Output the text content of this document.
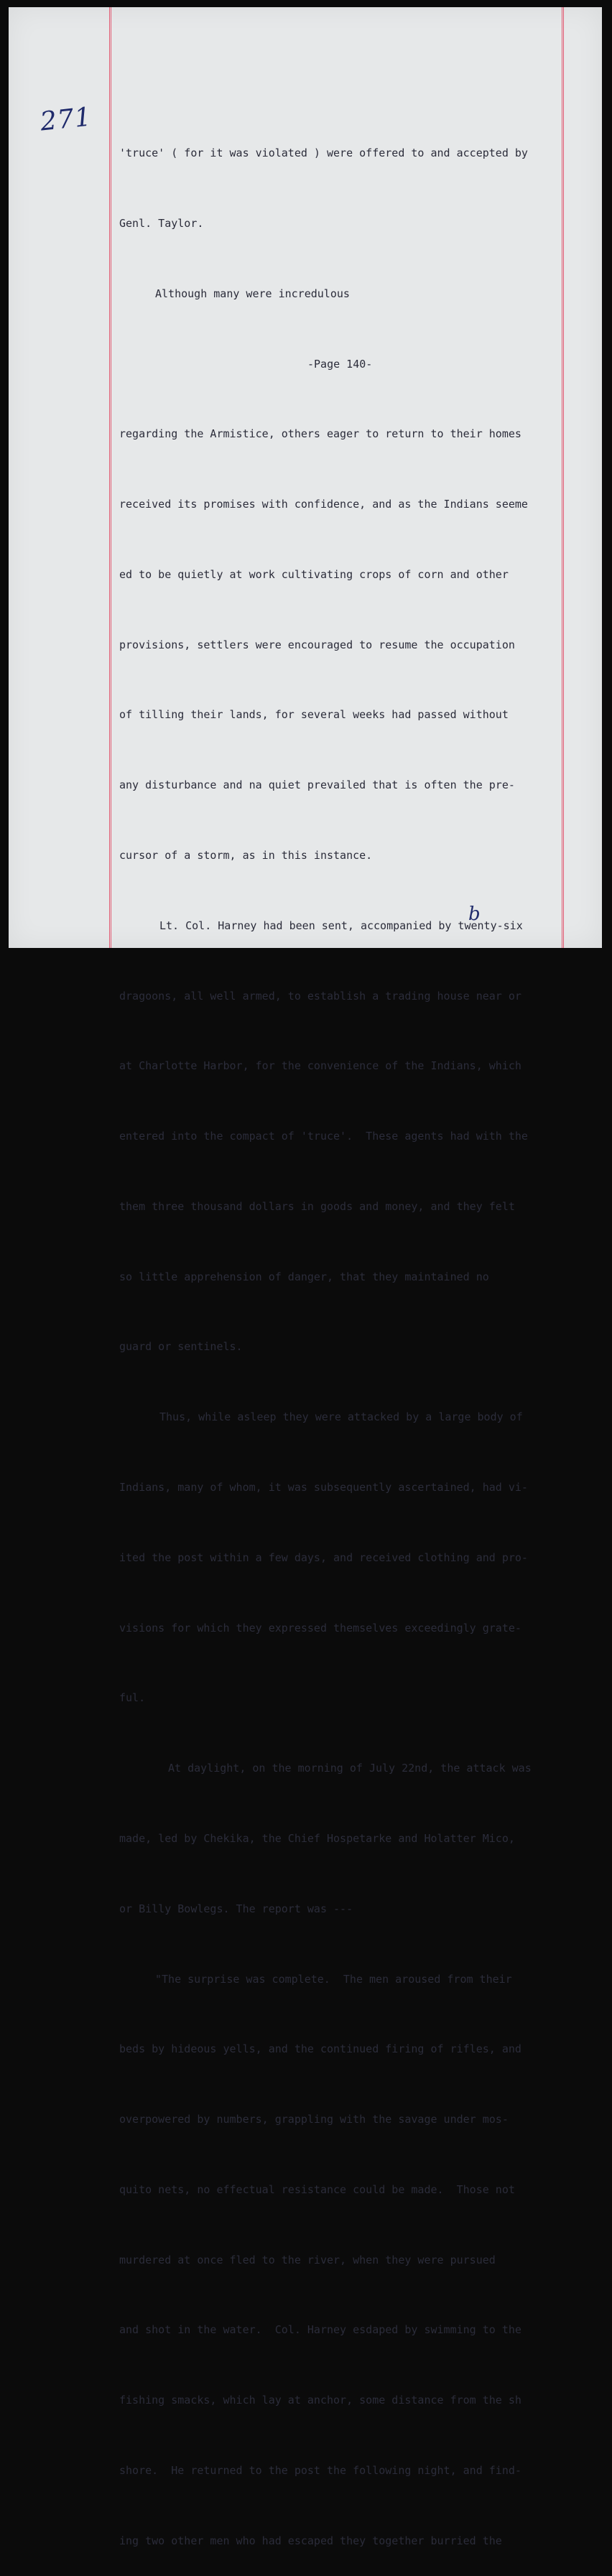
271

'truce' ( for it was violated ) were offered to and accepted by

Genl. Taylor.

Although many were incredulous

-Page 140-

regarding the Armistice, others eager to return to their homes

received its promises with confidence, and as the Indians seeme

ed to be quietly at work cultivating crops of corn and other

provisions, settlers were encouraged to resume the occupation

of tilling their lands, for several weeks had passed without

any disturbance and na quiet prevailed that is often the pre-

cursor of a storm, as in this instance.

Lt. Col. Harney had been sent, accompanied by twenty-six

dragoons, all well armed, to establish a trading house near or

at Charlotte Harbor, for the convenience of the Indians, which

entered into the compact of 'truce'.  These agents had with the

them three thousand dollars in goods and money, and they felt

so little apprehension of danger, that they maintained no

guard or sentinels.

Thus, while asleep they were attacked by a large body of

Indians, many of whom, it was subsequently ascertained, had vi-

ited the post within a few days, and received clothing and pro-

visions for which they expressed themselves exceedingly grate-

ful.

At daylight, on the morning of July 22nd, the attack was

made, led by Chekika, the Chief Hospetarke and Holatter Mico,

or Billy Bowlegs. The report was ---

"The surprise was complete.  The men aroused from their

beds by hideous yells, and the continued firing of rifles, and

overpowered by numbers, grappling with the savage under mos-

quito nets, no effectual resistance could be made.  Those not

murdered at once fled to the river, when they were pursued

and shot in the water.  Col. Harney esdaped by swimming to the

fishing smacks, which lay at anchor, some distance from the sh

shore.  He returned to the post the following night, and find-

ing two other men who had escaped they together burried the

b
